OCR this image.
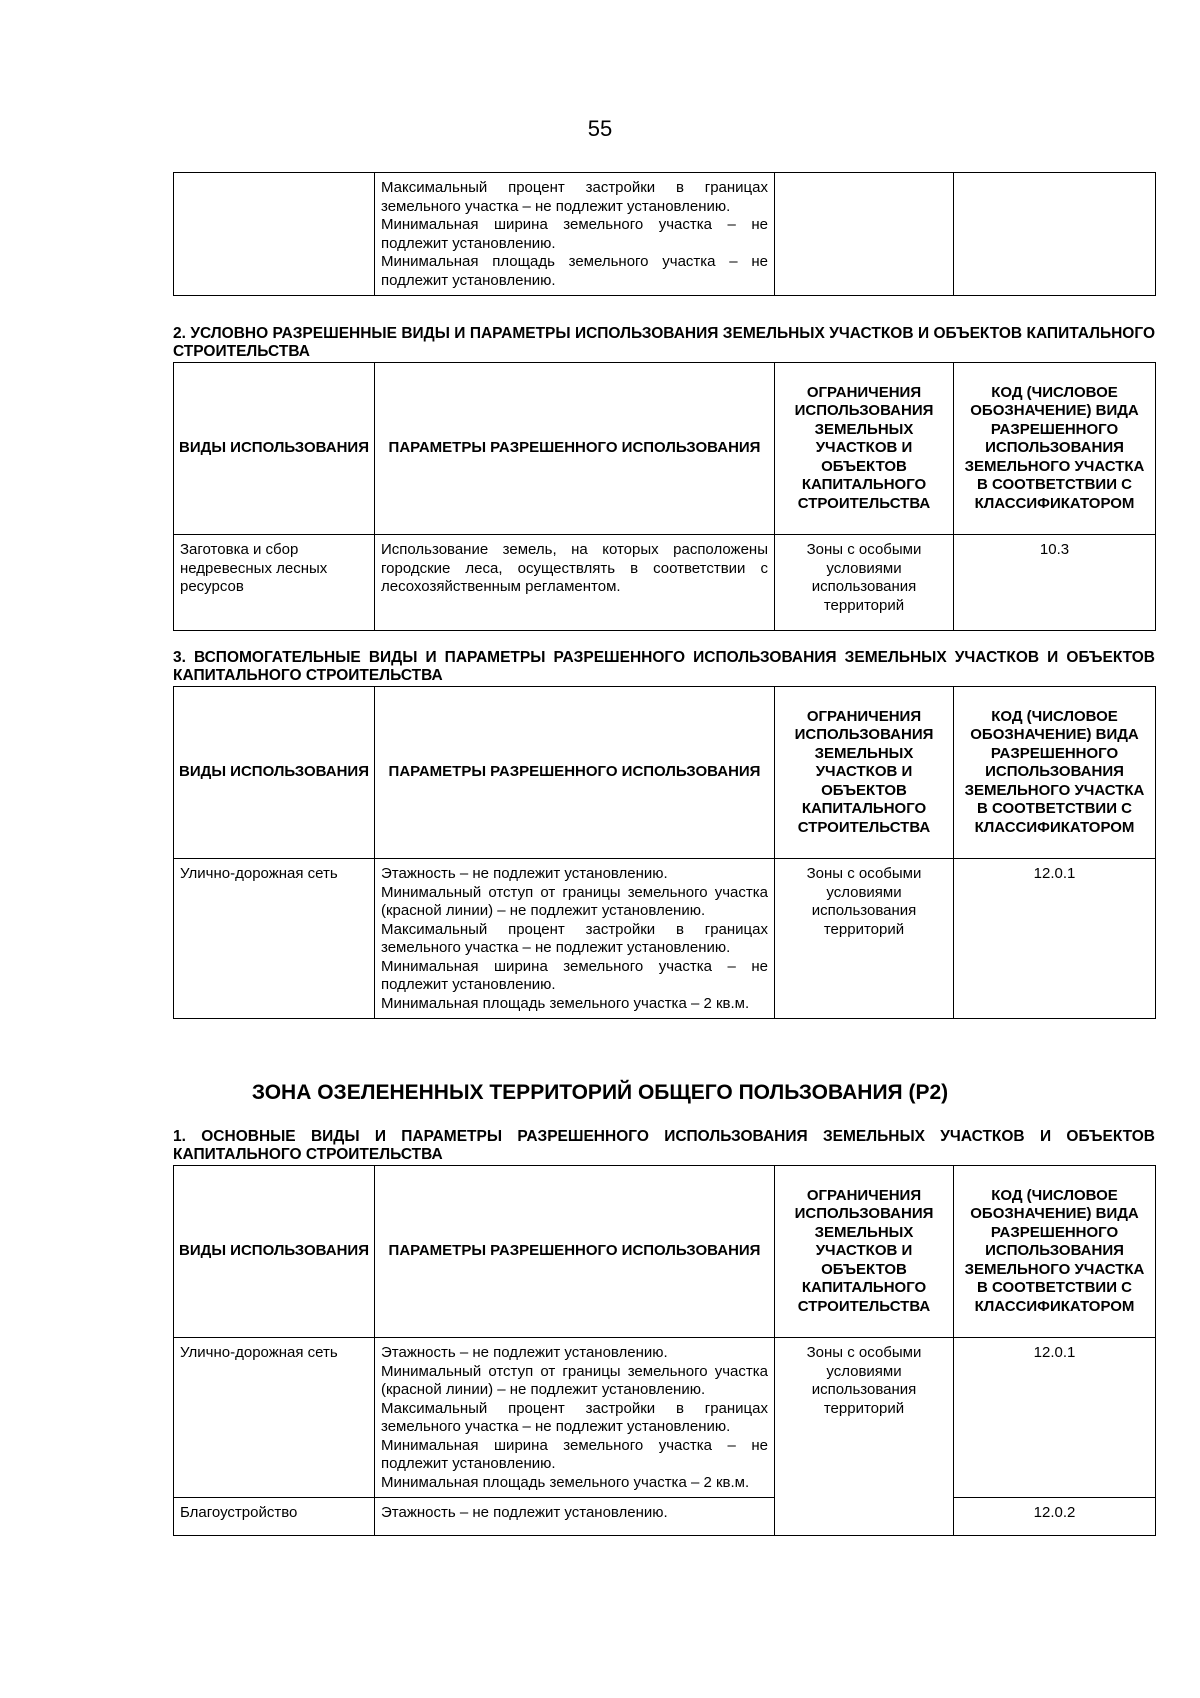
55

Максимальный процент застройки в границах земельного участка – не подлежит установлению.
Минимальная ширина земельного участка – не подлежит установлению.
Минимальная площадь земельного участка – не подлежит установлению.

2. УСЛОВНО РАЗРЕШЕННЫЕ ВИДЫ И ПАРАМЕТРЫ ИСПОЛЬЗОВАНИЯ ЗЕМЕЛЬНЫХ УЧАСТКОВ И ОБЪЕКТОВ КАПИТАЛЬНОГО СТРОИТЕЛЬСТВА
ВИДЫ ИСПОЛЬЗОВАНИЯ	ПАРАМЕТРЫ РАЗРЕШЕННОГО ИСПОЛЬЗОВАНИЯ	ОГРАНИЧЕНИЯ ИСПОЛЬЗОВАНИЯ ЗЕМЕЛЬНЫХ УЧАСТКОВ И ОБЪЕКТОВ КАПИТАЛЬНОГО СТРОИТЕЛЬСТВА	КОД (ЧИСЛОВОЕ ОБОЗНАЧЕНИЕ) ВИДА РАЗРЕШЕННОГО ИСПОЛЬЗОВАНИЯ ЗЕМЕЛЬНОГО УЧАСТКА В СООТВЕТСТВИИ С КЛАССИФИКАТОРОМ
Заготовка и сбор недревесных лесных ресурсов	Использование земель, на которых расположены городские леса, осуществлять в соответствии с лесохозяйственным регламентом.	Зоны с особыми условиями использования территорий	10.3
3. ВСПОМОГАТЕЛЬНЫЕ ВИДЫ И ПАРАМЕТРЫ РАЗРЕШЕННОГО ИСПОЛЬЗОВАНИЯ ЗЕМЕЛЬНЫХ УЧАСТКОВ И ОБЪЕКТОВ КАПИТАЛЬНОГО СТРОИТЕЛЬСТВА
ВИДЫ ИСПОЛЬЗОВАНИЯ	ПАРАМЕТРЫ РАЗРЕШЕННОГО ИСПОЛЬЗОВАНИЯ	ОГРАНИЧЕНИЯ ИСПОЛЬЗОВАНИЯ ЗЕМЕЛЬНЫХ УЧАСТКОВ И ОБЪЕКТОВ КАПИТАЛЬНОГО СТРОИТЕЛЬСТВА	КОД (ЧИСЛОВОЕ ОБОЗНАЧЕНИЕ) ВИДА РАЗРЕШЕННОГО ИСПОЛЬЗОВАНИЯ ЗЕМЕЛЬНОГО УЧАСТКА В СООТВЕТСТВИИ С КЛАССИФИКАТОРОМ
Улично-дорожная сеть	Этажность – не подлежит установлению.
Минимальный отступ от границы земельного участка (красной линии) – не подлежит установлению.
Максимальный процент застройки в границах земельного участка – не подлежит установлению.
Минимальная ширина земельного участка – не подлежит установлению.
Минимальная площадь земельного участка – 2 кв.м.	Зоны с особыми условиями использования территорий	12.0.1
ЗОНА ОЗЕЛЕНЕННЫХ ТЕРРИТОРИЙ ОБЩЕГО ПОЛЬЗОВАНИЯ (Р2)
1. ОСНОВНЫЕ ВИДЫ И ПАРАМЕТРЫ РАЗРЕШЕННОГО ИСПОЛЬЗОВАНИЯ ЗЕМЕЛЬНЫХ УЧАСТКОВ И ОБЪЕКТОВ КАПИТАЛЬНОГО СТРОИТЕЛЬСТВА
ВИДЫ ИСПОЛЬЗОВАНИЯ	ПАРАМЕТРЫ РАЗРЕШЕННОГО ИСПОЛЬЗОВАНИЯ	ОГРАНИЧЕНИЯ ИСПОЛЬЗОВАНИЯ ЗЕМЕЛЬНЫХ УЧАСТКОВ И ОБЪЕКТОВ КАПИТАЛЬНОГО СТРОИТЕЛЬСТВА	КОД (ЧИСЛОВОЕ ОБОЗНАЧЕНИЕ) ВИДА РАЗРЕШЕННОГО ИСПОЛЬЗОВАНИЯ ЗЕМЕЛЬНОГО УЧАСТКА В СООТВЕТСТВИИ С КЛАССИФИКАТОРОМ
Улично-дорожная сеть	Этажность – не подлежит установлению.
Минимальный отступ от границы земельного участка (красной линии) – не подлежит установлению.
Максимальный процент застройки в границах земельного участка – не подлежит установлению.
Минимальная ширина земельного участка – не подлежит установлению.
Минимальная площадь земельного участка – 2 кв.м.	Зоны с особыми условиями использования территорий	12.0.1
Благоустройство	Этажность – не подлежит установлению.		12.0.2
